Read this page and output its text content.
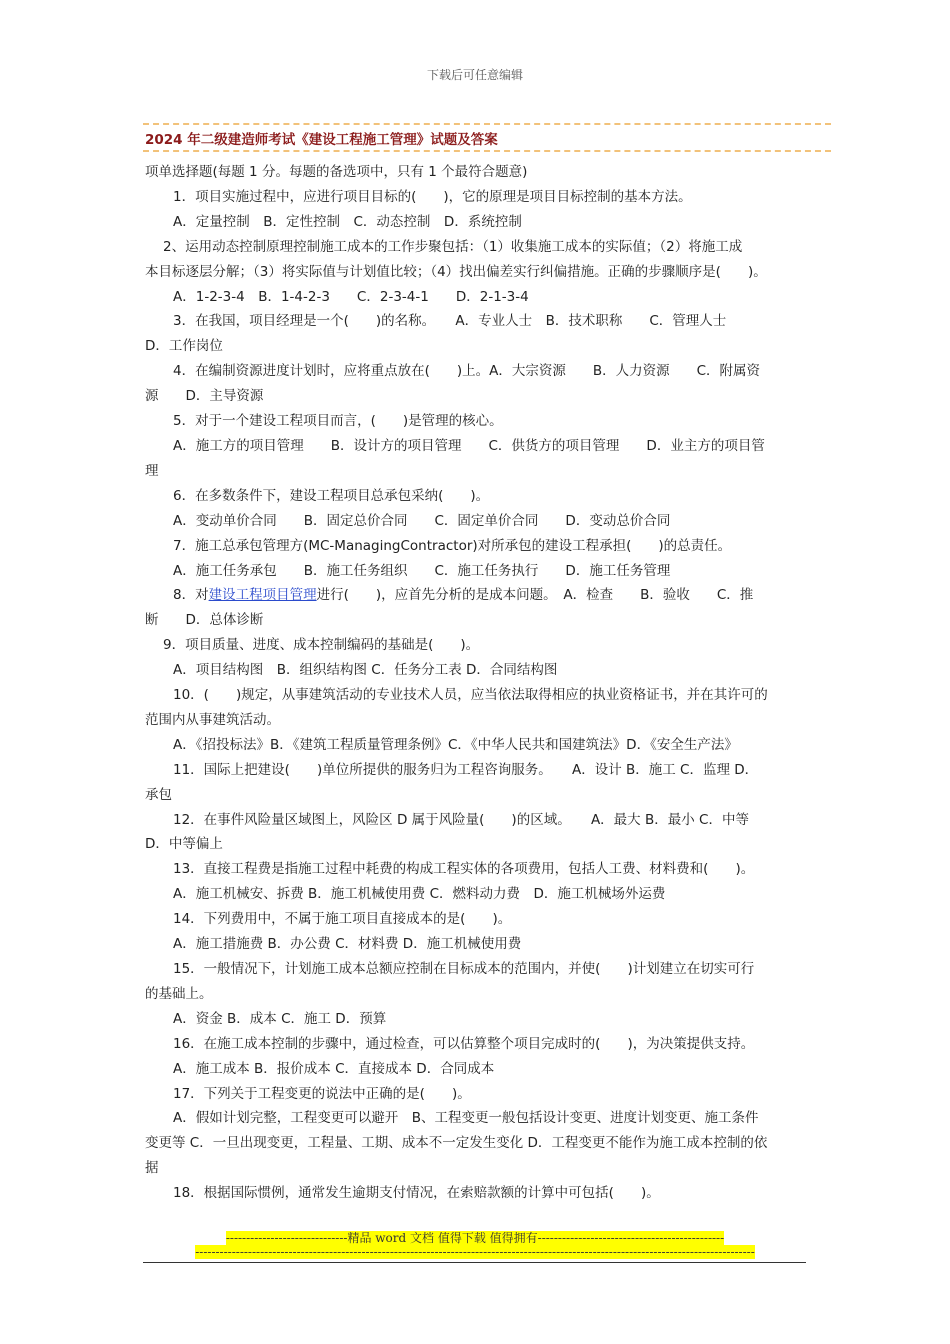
下载后可任意编辑
2024 年二级建造师考试《建设工程施工管理》试题及答案

项单选择题(每题 1 分。每题的备选项中，只有 1 个最符合题意)

1．项目实施过程中，应进行项目目标的(　　)，它的原理是项目目标控制的基本方法。

A．定量控制　B．定性控制　C．动态控制　D．系统控制

2、运用动态控制原理控制施工成本的工作步聚包括：（1）收集施工成本的实际值；（2）将施工成

本目标逐层分解；（3）将实际值与计划值比较；（4）找出偏差实行纠偏措施。正确的步骤顺序是(　　)。

A．1-2-3-4　B．1-4-2-3　　C．2-3-4-1　　D．2-1-3-4

3．在我国，项目经理是一个(　　)的名称。　　A．专业人士　B．技术职称　　C．管理人士

D．工作岗位

4．在编制资源进度计划时，应将重点放在(　　)上。A．大宗资源　　B．人力资源　　C．附属资

源　　D．主导资源

5．对于一个建设工程项目而言，(　　)是管理的核心。

A．施工方的项目管理　　B．设计方的项目管理　　C．供货方的项目管理　　D．业主方的项目管

理

6．在多数条件下，建设工程项目总承包采纳(　　)。

A．变动单价合同　　B．固定总价合同　　C．固定单价合同　　D．变动总价合同

7．施工总承包管理方(MC-ManagingContractor)对所承包的建设工程承担(　　)的总责任。

A．施工任务承包　　B．施工任务组织　　C．施工任务执行　　D．施工任务管理

8．对建设工程项目管理进行(　　)，应首先分析的是成本问题。　A．检查　　B．验收　　C．推

断　　D．总体诊断

9．项目质量、进度、成本控制编码的基础是(　　)。

A．项目结构图　B．组织结构图 C．任务分工表 D．合同结构图

10．(　　)规定，从事建筑活动的专业技术人员，应当依法取得相应的执业资格证书，并在其许可的

范围内从事建筑活动。

A．《招投标法》B．《建筑工程质量管理条例》C．《中华人民共和国建筑法》D．《安全生产法》

11．国际上把建设(　　)单位所提供的服务归为工程咨询服务。　　A．设计 B．施工 C．监理 D．

承包

12．在事件风险量区域图上，风险区 D 属于风险量(　　)的区域。　　A．最大 B．最小 C．中等

D．中等偏上

13．直接工程费是指施工过程中耗费的构成工程实体的各项费用，包括人工费、材料费和(　　)。

A．施工机械安、拆费 B．施工机械使用费 C．燃料动力费　D．施工机械场外运费

14．下列费用中，不属于施工项目直接成本的是(　　)。

A．施工措施费 B．办公费 C．材料费 D．施工机械使用费

15．一般情况下，计划施工成本总额应控制在目标成本的范围内，并使(　　)计划建立在切实可行

的基础上。

A．资金 B．成本 C．施工 D．预算

16．在施工成本控制的步骤中，通过检查，可以估算整个项目完成时的(　　)，为决策提供支持。

A．施工成本 B．报价成本 C．直接成本 D．合同成本

17．下列关于工程变更的说法中正确的是(　　)。

A．假如计划完整，工程变更可以避开　B、工程变更一般包括设计变更、进度计划变更、施工条件

变更等 C．一旦出现变更，工程量、工期、成本不一定发生变化 D．工程变更不能作为施工成本控制的依

据

18．根据国际惯例，通常发生逾期支付情况，在索赔款额的计算中可包括(　　)。

------------------------------精品 word 文档 值得下载 值得拥有----------------------------------------------
------------------------------------------------------------------------------------------------------------------------------------------
